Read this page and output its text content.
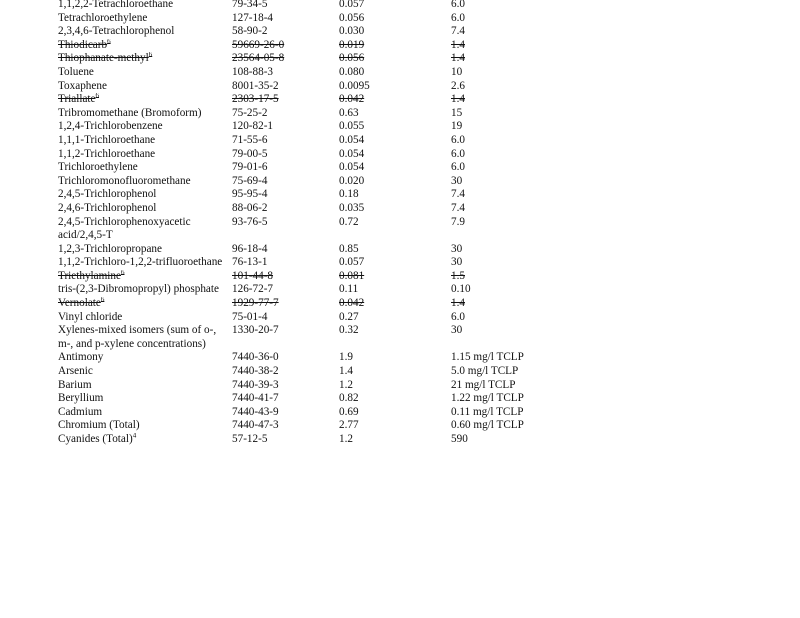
1,1,2,2-Tetrachloroethane	79-34-5	0.057	6.0
Tetrachloroethylene	127-18-4	0.056	6.0
2,3,4,6-Tetrachlorophenol	58-90-2	0.030	7.4
Thiodicarb$^6$	59669-26-0	0.019	1.4
Thiophanate-methyl$^6$	23564-05-8	0.056	1.4
Toluene	108-88-3	0.080	10
Toxaphene	8001-35-2	0.0095	2.6
Triallate$^6$	2303-17-5	0.042	1.4
Tribromomethane (Bromoform)	75-25-2	0.63	15
1,2,4-Trichlorobenzene	120-82-1	0.055	19
1,1,1-Trichloroethane	71-55-6	0.054	6.0
1,1,2-Trichloroethane	79-00-5	0.054	6.0
Trichloroethylene	79-01-6	0.054	6.0
Trichloromonofluoromethane	75-69-4	0.020	30
2,4,5-Trichlorophenol	95-95-4	0.18	7.4
2,4,6-Trichlorophenol	88-06-2	0.035	7.4
2,4,5-Trichlorophenoxyacetic acid/2,4,5-T	93-76-5	0.72	7.9
1,2,3-Trichloropropane	96-18-4	0.85	30
1,1,2-Trichloro-1,2,2-trifluoroethane	76-13-1	0.057	30
Triethylamine$^6$	101-44-8	0.081	1.5
tris-(2,3-Dibromopropyl) phosphate	126-72-7	0.11	0.10
Vernolate$^6$	1929-77-7	0.042	1.4
Vinyl chloride	75-01-4	0.27	6.0
Xylenes-mixed isomers (sum of o-, m-, and p-xylene concentrations)	1330-20-7	0.32	30
Antimony	7440-36-0	1.9	1.15 mg/l TCLP
Arsenic	7440-38-2	1.4	5.0 mg/l TCLP
Barium	7440-39-3	1.2	21 mg/l TCLP
Beryllium	7440-41-7	0.82	1.22 mg/l TCLP
Cadmium	7440-43-9	0.69	0.11 mg/l TCLP
Chromium (Total)	7440-47-3	2.77	0.60 mg/l TCLP
Cyanides (Total)$^4$	57-12-5	1.2	590
